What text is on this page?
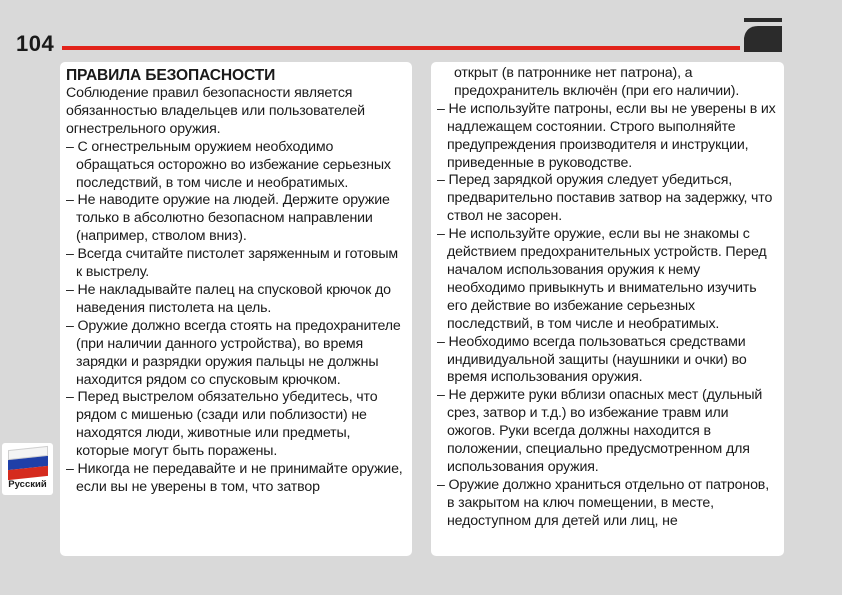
104

ПРАВИЛА БЕЗОПАСНОСТИ

Соблюдение правил безопасности является обязанностью владельцев или пользователей огнестрельного оружия.

– С огнестрельным оружием необходимо обращаться осторожно во избежание серьезных последствий, в том числе и необратимых.

– Не наводите оружие на людей. Держите оружие только в абсолютно безопасном направлении (например, стволом вниз).

– Всегда считайте пистолет заряженным и готовым к выстрелу.

– Не накладывайте палец на спусковой крючок до наведения пистолета на цель.

– Оружие должно всегда стоять на предохранителе (при наличии данного устройства), во время зарядки и разрядки оружия пальцы не должны находится рядом со спусковым крючком.

– Перед выстрелом обязательно убедитесь, что рядом с мишенью (сзади или поблизости) не находятся люди, животные или предметы, которые могут быть поражены.

– Никогда не передавайте и не принимайте оружие, если вы не уверены в том, что затвор

открыт (в патроннике нет патрона), а предохранитель включён (при его наличии).

– Не используйте патроны, если вы не уверены в их надлежащем состоянии. Строго выполняйте предупреждения производителя и инструкции, приведенные в руководстве.

– Перед зарядкой оружия следует убедиться, предварительно поставив затвор на задержку, что ствол не засорен.

– Не используйте оружие, если вы не знакомы с действием предохранительных устройств. Перед началом использования оружия к нему необходимо привыкнуть и внимательно изучить его действие во избежание серьезных последствий, в том числе и необратимых.

– Необходимо всегда пользоваться средствами индивидуальной защиты (наушники и очки) во время использования оружия.

– Не держите руки вблизи опасных мест (дульный срез, затвор и т.д.) во избежание травм или ожогов. Руки всегда должны находится в положении, специально предусмотренном для использования оружия.

– Оружие должно храниться отдельно от патронов, в закрытом на ключ помещении, в месте, недоступном для детей или лиц, не

Русский
